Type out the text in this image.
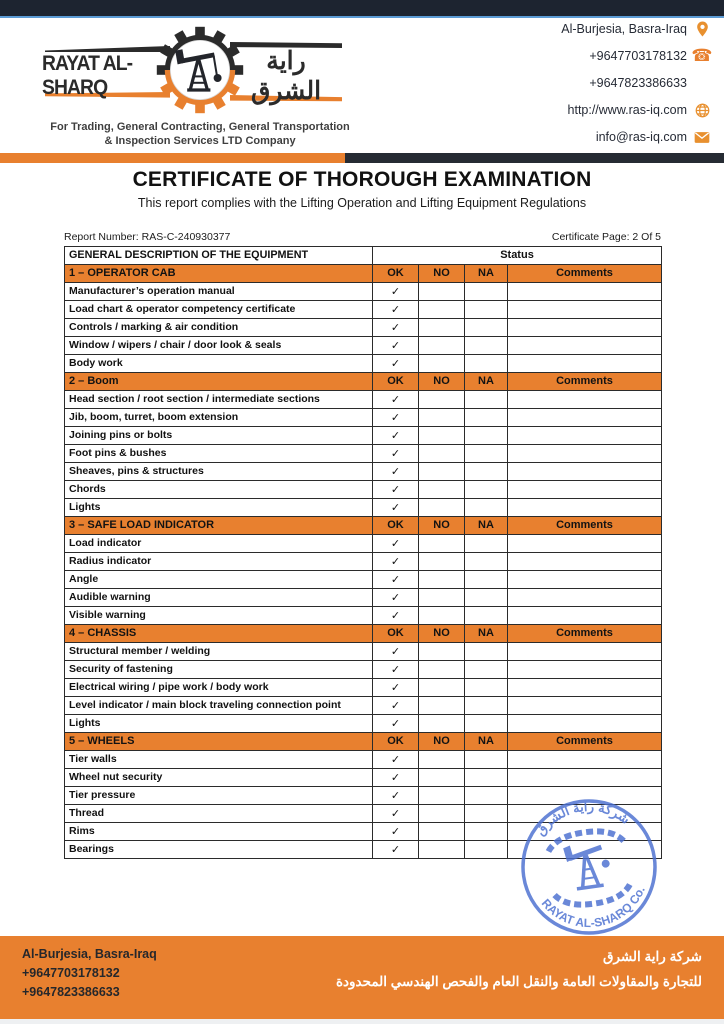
RAYAT AL-SHARQ
راية الشرق
For Trading, General Contracting, General Transportation
& Inspection Services LTD Company
Al-Burjesia, Basra-Iraq
+9647703178132 ☎
+9647823386633
http://www.ras-iq.com
info@ras-iq.com
CERTIFICATE OF THOROUGH EXAMINATION
This report complies with the Lifting Operation and Lifting Equipment Regulations
Report Number: RAS-C-240930377	Certificate Page: 2 Of 5
GENERAL DESCRIPTION OF THE EQUIPMENT	Status			
1 – OPERATOR CAB	OK	NO	NA	Comments
Manufacturer’s operation manual	✓			
Load chart & operator competency certificate	✓			
Controls / marking & air condition	✓			
Window / wipers / chair / door look & seals	✓			
Body work	✓			
2 – Boom	OK	NO	NA	Comments
Head section / root section / intermediate sections	✓			
Jib, boom, turret, boom extension	✓			
Joining pins or bolts	✓			
Foot pins & bushes	✓			
Sheaves, pins & structures	✓			
Chords	✓			
Lights	✓			
3 – SAFE LOAD INDICATOR	OK	NO	NA	Comments
Load indicator	✓			
Radius indicator	✓			
Angle	✓			
Audible warning	✓			
Visible warning	✓			
4 – CHASSIS	OK	NO	NA	Comments
Structural member / welding	✓			
Security of fastening	✓			
Electrical wiring / pipe work / body work	✓			
Level indicator / main block traveling connection point	✓			
Lights	✓			
5 – WHEELS	OK	NO	NA	Comments
Tier walls	✓			
Wheel nut security	✓			
Tier pressure	✓			
Thread	✓			
Rims	✓			
Bearings	✓			
شركة راية الشرق
RAYAT AL-SHARQ Co.
Al-Burjesia, Basra-Iraq
+9647703178132
+9647823386633
شركة راية الشرق
للتجارة والمقاولات العامة والنقل العام والفحص الهندسي المحدودة
